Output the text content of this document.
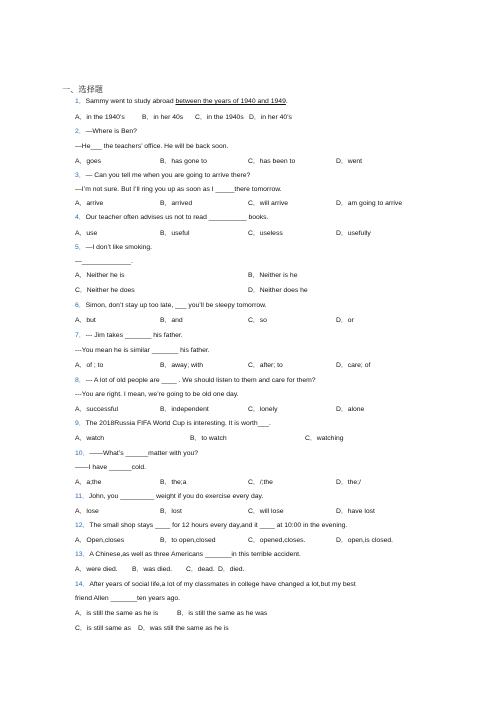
一、选择题
1．Sammy went to study abroad between the years of 1940 and 1949.
A．in the 1940’s	B．in her 40s C．in the 1940s D．in her 40’s
2．—Where is Ben?
—He___ the teachers’ office. He will be back soon.
A．goes	B．has gone to	C．has been to	D．went
3．— Can you tell me when you are going to arrive there?
—I’m not sure. But I’ll ring you up as soon as I _____there tomorrow.
A．arrive	B．arrived	C．will arrive	D．am going to arrive
4．Our teacher often advises us not to read __________ books.
A．use	B．useful	C．useless	D．usefully
5．—I don’t like smoking.
—_____________.
A．Neither he is	B．Neither is he
C．Neither he does	D．Neither does he
6．Simon, don’t stay up too late, ___ you’ll be sleepy tomorrow.
A．but	B．and	C．so	D．or
7．--- Jim takes _______ his father.
---You mean he is similar _______ his father.
A．of ; to	B．away; with	C．after; to	D．care; of
8．--- A lot of old people are ____ . We should listen to them and care for them?
---You are right. I mean, we’re going to be old one day.
A．successful	B．independent	C．lonely	D．alone
9．The 2018Russia FIFA World Cup is interesting. It is worth___.
A．watch	B．to watch	C．watching
10．——What’s ______matter with you?
——I have ______cold.
A．a;the	B．the;a	C．/;the	D．the;/
11．John, you _________ weight if you do exercise every day.
A．lose	B．lost	C．will lose	D．have lost
12．The small shop stays ____ for 12 hours every day,and it ____ at 10:00 in the evening.
A．Open,closes	B．to open,closed	C．opened,closes.	D．open,is closed.
13．A Chinese,as well as three Americans _______in this terrible accident.
A．were died. B．was died. C．dead. D．died.
14．After years of social life,a lot of my classmates in college have changed a lot,but my best
friend Allen _______ten years ago.
A．is still the same as he is	B．is still the same as he was
C．is still same as D．was still the same as he is
